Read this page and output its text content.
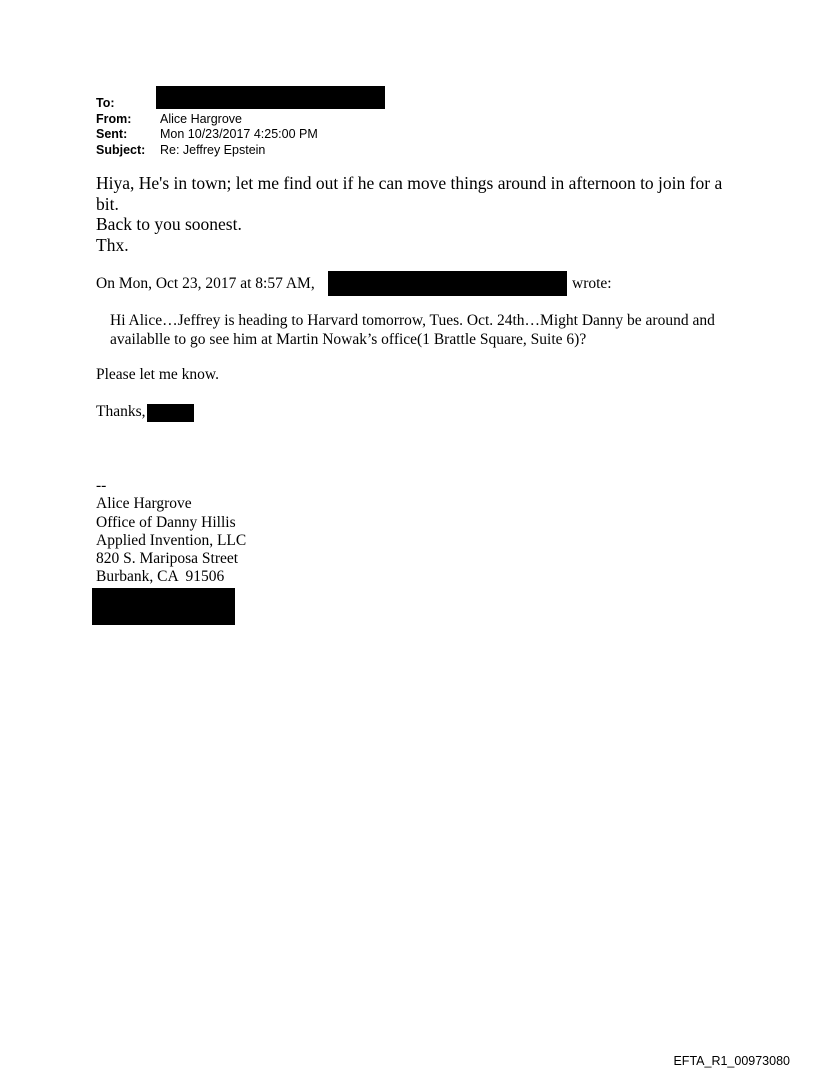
To:
From:	Alice Hargrove
Sent:	Mon 10/23/2017 4:25:00 PM
Subject:	Re: Jeffrey Epstein

Hiya, He's in town; let me find out if he can move things around in afternoon to join for a bit.

Back to you soonest.

Thx.

On Mon, Oct 23, 2017 at 8:57 AM,	wrote:
Hi Alice…Jeffrey is heading to Harvard tomorrow, Tues. Oct. 24th…Might Danny be around and availablle to go see him at Martin Nowak’s office(1 Brattle Square, Suite 6)?
Please let me know.
Thanks,
--
Alice Hargrove
Office of Danny Hillis
Applied Invention, LLC
820 S. Mariposa Street
Burbank, CA  91506
EFTA_R1_00973080
